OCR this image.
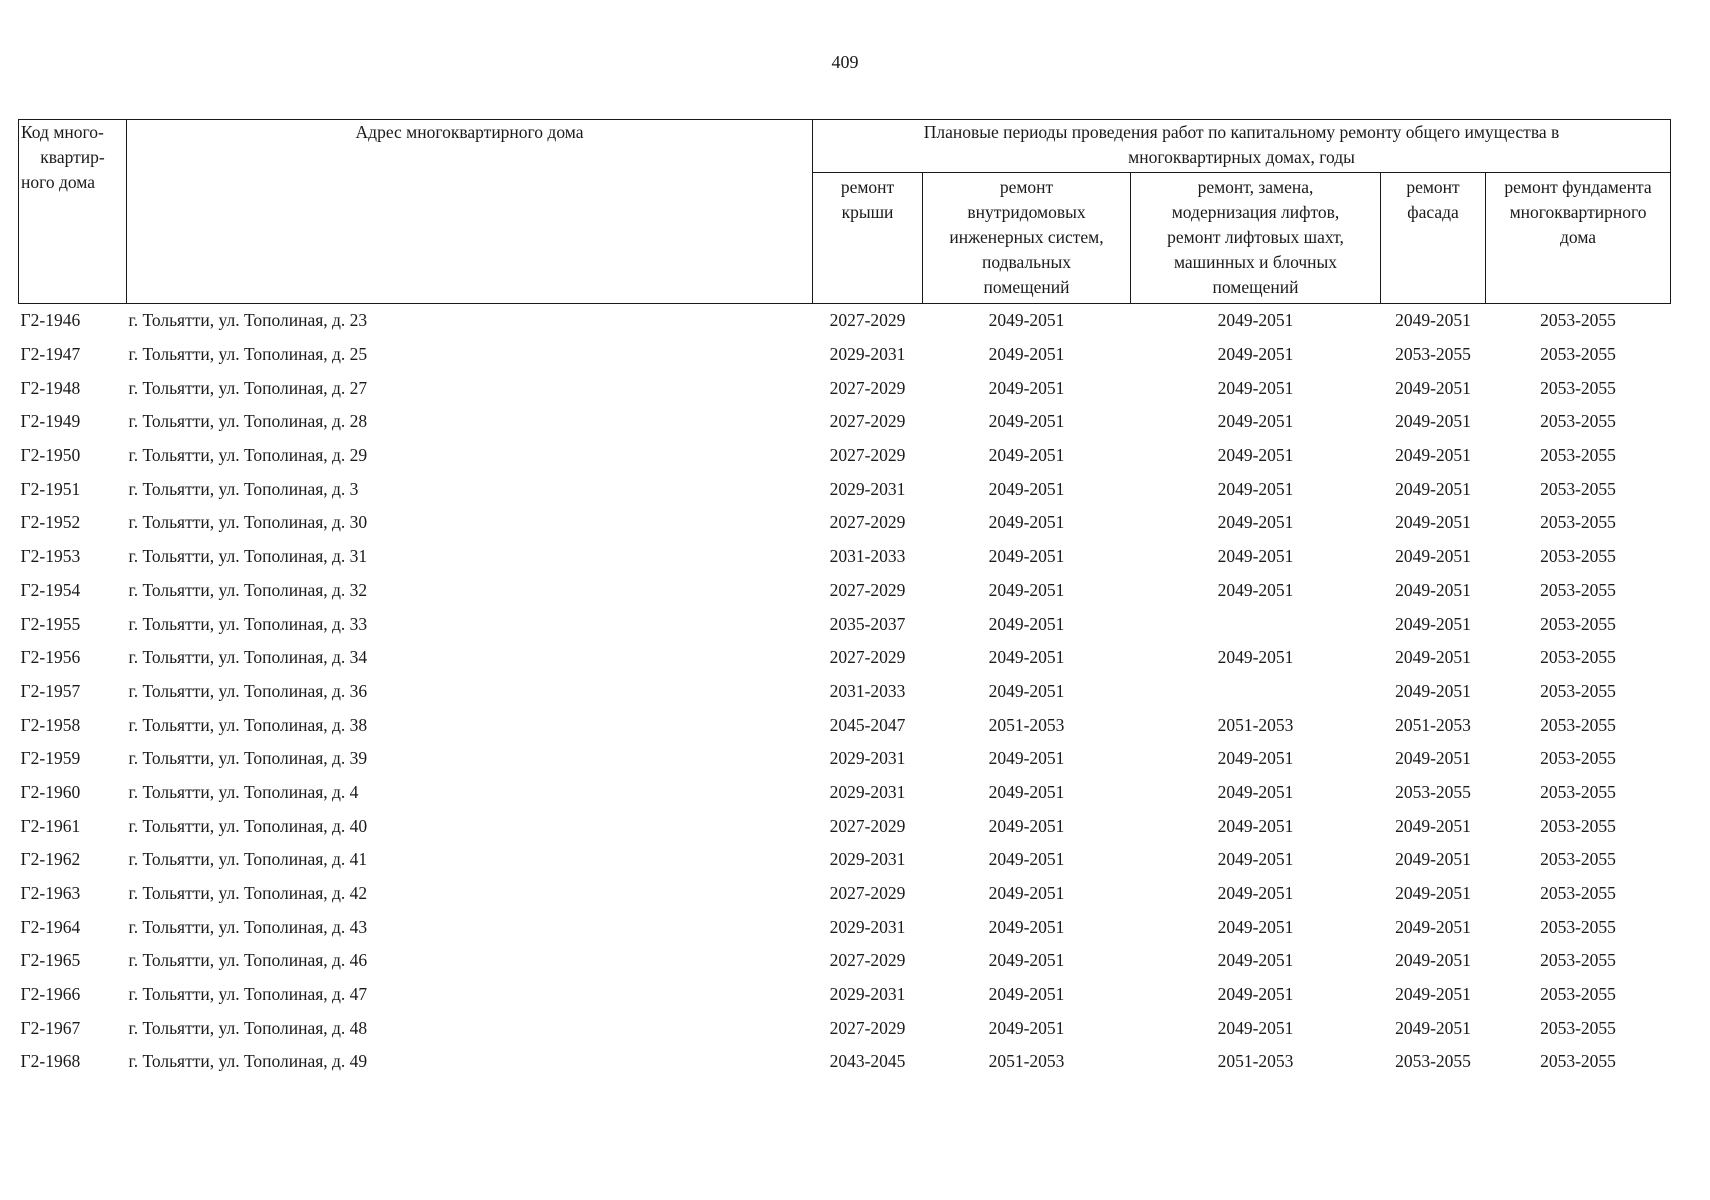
409
Код много-
квартир-
ного дома	Адрес многоквартирного дома	Плановые периоды проведения работ по капитальному ремонту общего имущества в
многоквартирных домах, годы				

		ремонт
крыши	ремонт
внутридомовых
инженерных систем,
подвальных
помещений	ремонт, замена,
модернизация лифтов,
ремонт лифтовых шахт,
машинных и блочных
помещений	ремонт
фасада	ремонт фундамента
многоквартирного
дома

Г2-1946	г. Тольятти, ул. Тополиная, д. 23	2027-2029	2049-2051	2049-2051	2049-2051	2053-2055
Г2-1947	г. Тольятти, ул. Тополиная, д. 25	2029-2031	2049-2051	2049-2051	2053-2055	2053-2055
Г2-1948	г. Тольятти, ул. Тополиная, д. 27	2027-2029	2049-2051	2049-2051	2049-2051	2053-2055
Г2-1949	г. Тольятти, ул. Тополиная, д. 28	2027-2029	2049-2051	2049-2051	2049-2051	2053-2055
Г2-1950	г. Тольятти, ул. Тополиная, д. 29	2027-2029	2049-2051	2049-2051	2049-2051	2053-2055
Г2-1951	г. Тольятти, ул. Тополиная, д. 3	2029-2031	2049-2051	2049-2051	2049-2051	2053-2055
Г2-1952	г. Тольятти, ул. Тополиная, д. 30	2027-2029	2049-2051	2049-2051	2049-2051	2053-2055
Г2-1953	г. Тольятти, ул. Тополиная, д. 31	2031-2033	2049-2051	2049-2051	2049-2051	2053-2055
Г2-1954	г. Тольятти, ул. Тополиная, д. 32	2027-2029	2049-2051	2049-2051	2049-2051	2053-2055
Г2-1955	г. Тольятти, ул. Тополиная, д. 33	2035-2037	2049-2051		2049-2051	2053-2055
Г2-1956	г. Тольятти, ул. Тополиная, д. 34	2027-2029	2049-2051	2049-2051	2049-2051	2053-2055
Г2-1957	г. Тольятти, ул. Тополиная, д. 36	2031-2033	2049-2051		2049-2051	2053-2055
Г2-1958	г. Тольятти, ул. Тополиная, д. 38	2045-2047	2051-2053	2051-2053	2051-2053	2053-2055
Г2-1959	г. Тольятти, ул. Тополиная, д. 39	2029-2031	2049-2051	2049-2051	2049-2051	2053-2055
Г2-1960	г. Тольятти, ул. Тополиная, д. 4	2029-2031	2049-2051	2049-2051	2053-2055	2053-2055
Г2-1961	г. Тольятти, ул. Тополиная, д. 40	2027-2029	2049-2051	2049-2051	2049-2051	2053-2055
Г2-1962	г. Тольятти, ул. Тополиная, д. 41	2029-2031	2049-2051	2049-2051	2049-2051	2053-2055
Г2-1963	г. Тольятти, ул. Тополиная, д. 42	2027-2029	2049-2051	2049-2051	2049-2051	2053-2055
Г2-1964	г. Тольятти, ул. Тополиная, д. 43	2029-2031	2049-2051	2049-2051	2049-2051	2053-2055
Г2-1965	г. Тольятти, ул. Тополиная, д. 46	2027-2029	2049-2051	2049-2051	2049-2051	2053-2055
Г2-1966	г. Тольятти, ул. Тополиная, д. 47	2029-2031	2049-2051	2049-2051	2049-2051	2053-2055
Г2-1967	г. Тольятти, ул. Тополиная, д. 48	2027-2029	2049-2051	2049-2051	2049-2051	2053-2055
Г2-1968	г. Тольятти, ул. Тополиная, д. 49	2043-2045	2051-2053	2051-2053	2053-2055	2053-2055
